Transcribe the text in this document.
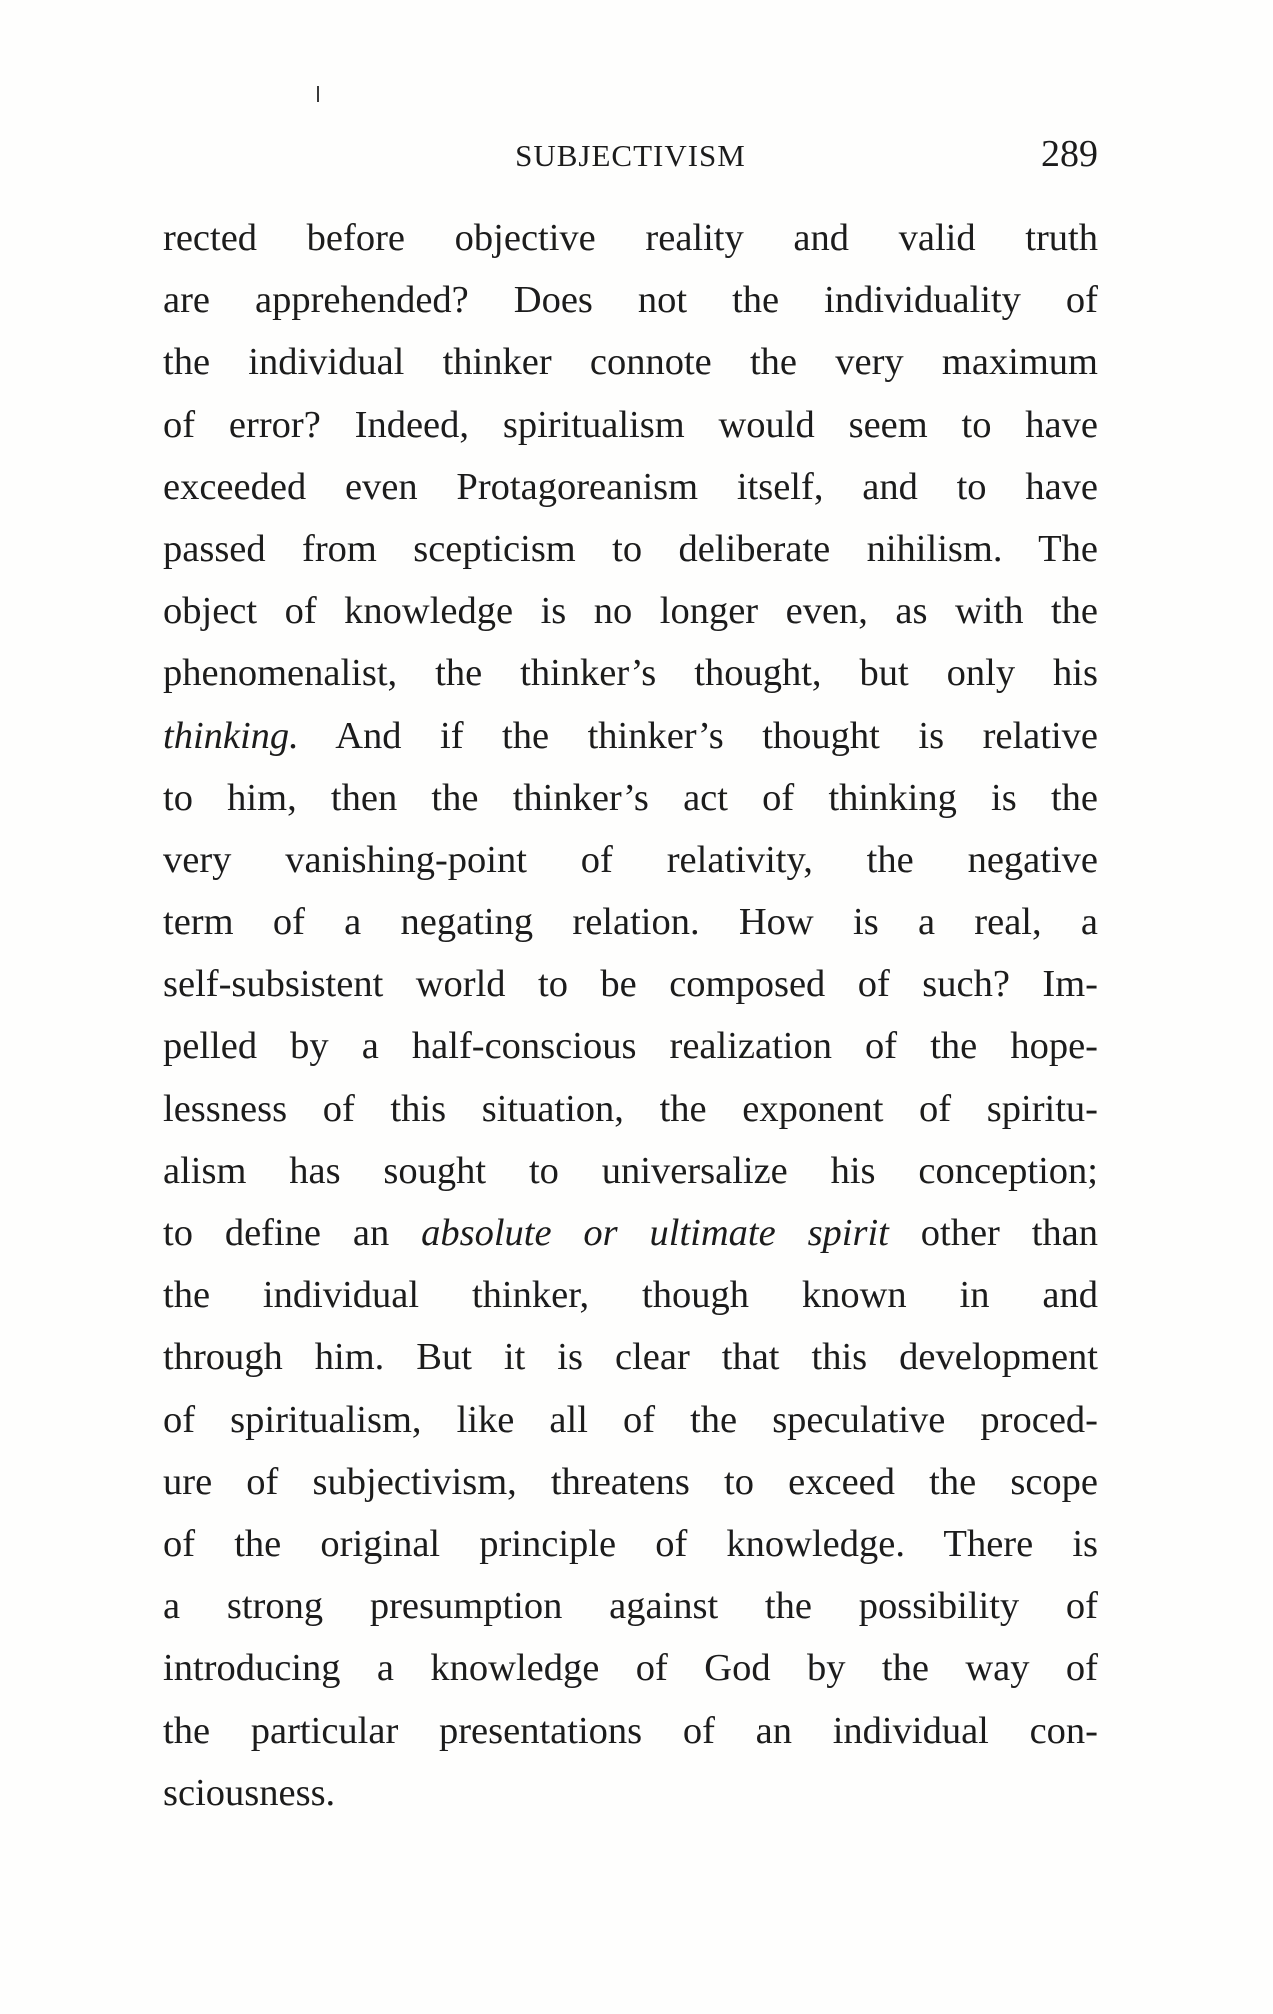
SUBJECTIVISM	289
rected before objective reality and valid truth
are apprehended? Does not the individuality of
the individual thinker connote the very maximum
of error? Indeed, spiritualism would seem to have
exceeded even Protagoreanism itself, and to have
passed from scepticism to deliberate nihilism. The
object of knowledge is no longer even, as with the
phenomenalist, the thinker’s thought, but only his
thinking. And if the thinker’s thought is relative
to him, then the thinker’s act of thinking is the
very vanishing-point of relativity, the negative
term of a negating relation. How is a real, a
self-subsistent world to be composed of such? Im-
pelled by a half-conscious realization of the hope-
lessness of this situation, the exponent of spiritu-
alism has sought to universalize his conception;
to define an absolute or ultimate spirit other than
the individual thinker, though known in and
through him. But it is clear that this development
of spiritualism, like all of the speculative proced-
ure of subjectivism, threatens to exceed the scope
of the original principle of knowledge. There is
a strong presumption against the possibility of
introducing a knowledge of God by the way of
the particular presentations of an individual con-
sciousness.
